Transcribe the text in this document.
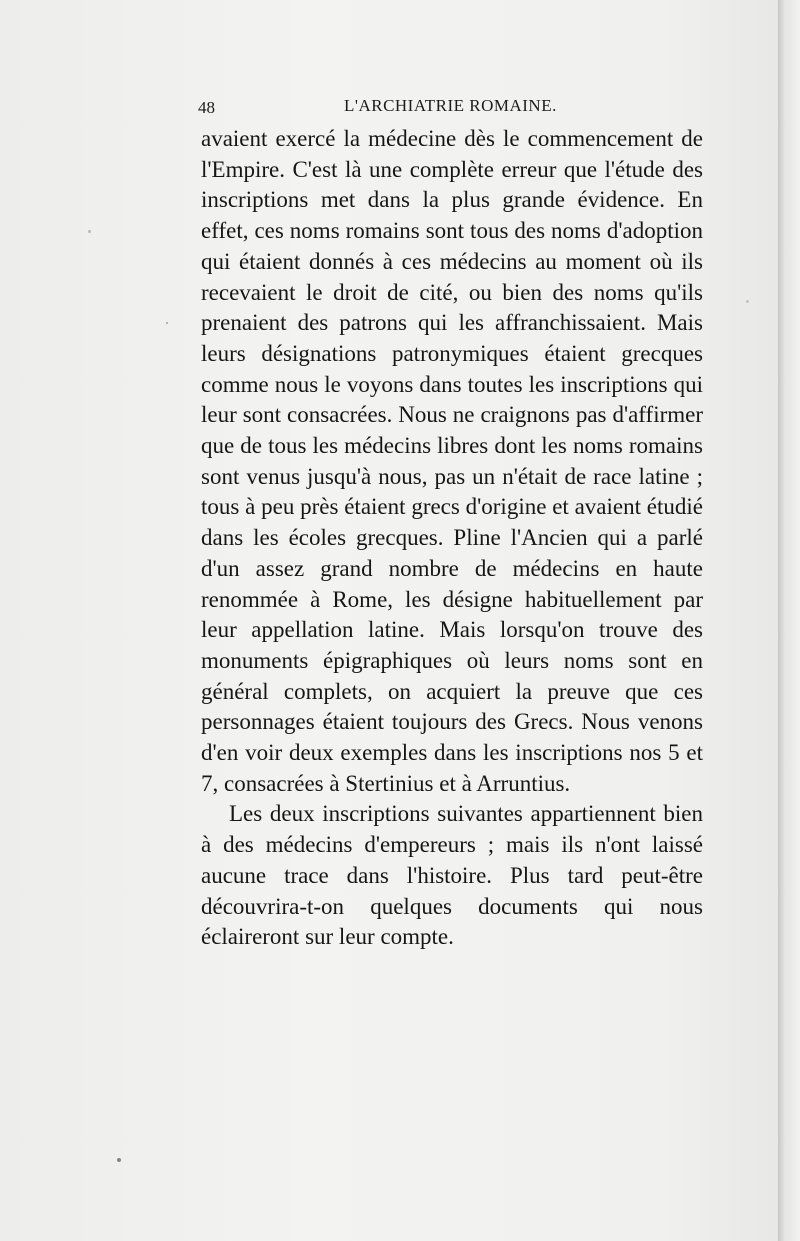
48	L'ARCHIATRIE ROMAINE.

avaient exercé la médecine dès le commencement de l'Empire. C'est là une complète erreur que l'étude des inscriptions met dans la plus grande évidence. En effet, ces noms romains sont tous des noms d'adoption qui étaient donnés à ces médecins au moment où ils recevaient le droit de cité, ou bien des noms qu'ils prenaient des patrons qui les affranchissaient. Mais leurs désignations patronymiques étaient grecques comme nous le voyons dans toutes les inscriptions qui leur sont consacrées. Nous ne craignons pas d'affirmer que de tous les médecins libres dont les noms romains sont venus jusqu'à nous, pas un n'était de race latine ; tous à peu près étaient grecs d'origine et avaient étudié dans les écoles grecques. Pline l'Ancien qui a parlé d'un assez grand nombre de médecins en haute renommée à Rome, les désigne habituellement par leur appellation latine. Mais lorsqu'on trouve des monuments épigraphiques où leurs noms sont en général complets, on acquiert la preuve que ces personnages étaient toujours des Grecs. Nous venons d'en voir deux exemples dans les inscriptions nos 5 et 7, consacrées à Stertinius et à Arruntius.

Les deux inscriptions suivantes appartiennent bien à des médecins d'empereurs ; mais ils n'ont laissé aucune trace dans l'histoire. Plus tard peut-être découvrira-t-on quelques documents qui nous éclaireront sur leur compte.
